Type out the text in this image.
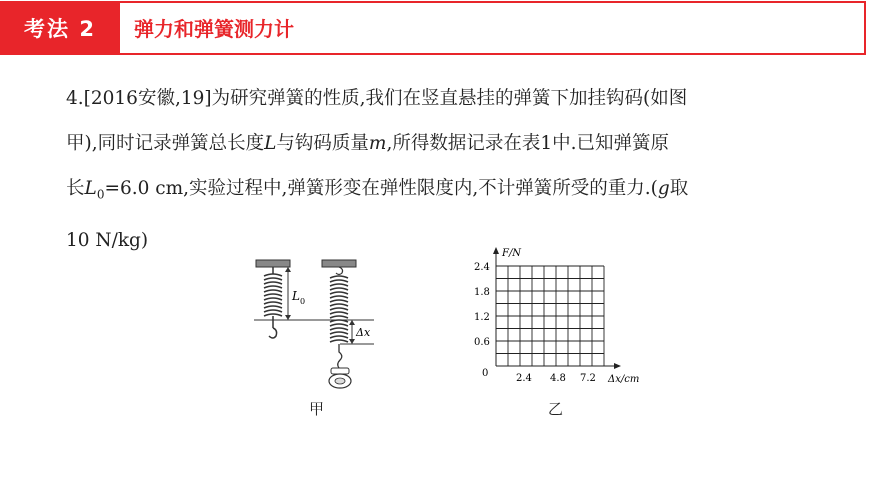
考法 2	弹力和弹簧测力计
4.[2016安徽,19]为研究弹簧的性质,我们在竖直悬挂的弹簧下加挂钩码(如图
甲),同时记录弹簧总长度L与钩码质量m,所得数据记录在表1中.已知弹簧原
长$L_0=6.0$ cm,实验过程中,弹簧形变在弹性限度内,不计弹簧所受的重力.(g取
10 N/kg)
L 0
Δx
甲
F/N
Δx/cm
0
2.4
1.8
1.2
0.6
2.4 4.8 7.2
乙
